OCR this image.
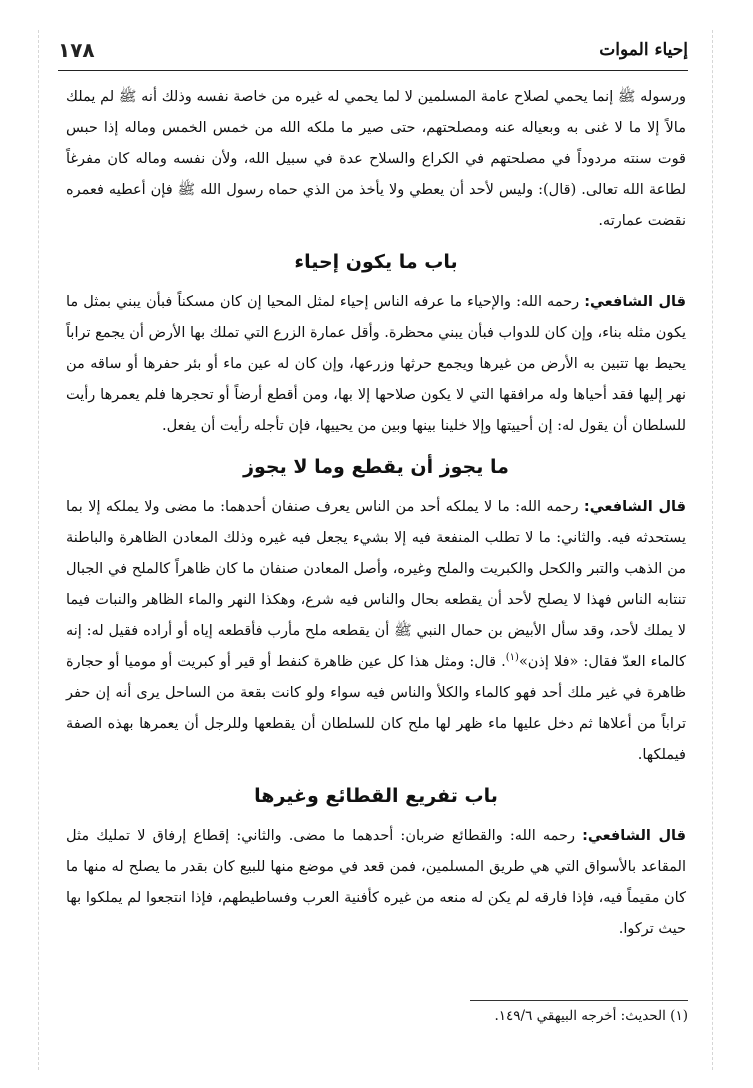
إحياء الموات
١٧٨

ورسوله ﷺ إنما يحمي لصلاح عامة المسلمين لا لما يحمي له غيره من خاصة نفسه وذلك أنه ﷺ لم يملك مالاً إلا ما لا غنى به وبعياله عنه ومصلحتهم، حتى صير ما ملكه الله من خمس الخمس وماله إذا حبس قوت سنته مردوداً في مصلحتهم في الكراع والسلاح عدة في سبيل الله، ولأن نفسه وماله كان مفرغاً لطاعة الله تعالى. (قال): وليس لأحد أن يعطي ولا يأخذ من الذي حماه رسول الله ﷺ فإن أعطيه فعمره نقضت عمارته.

باب ما يكون إحياء

قال الشافعي: رحمه الله: والإحياء ما عرفه الناس إحياء لمثل المحيا إن كان مسكناً فبأن يبني بمثل ما يكون مثله بناء، وإن كان للدواب فبأن يبني محظرة. وأقل عمارة الزرع التي تملك بها الأرض أن يجمع تراباً يحيط بها تتبين به الأرض من غيرها ويجمع حرثها وزرعها، وإن كان له عين ماء أو بئر حفرها أو ساقه من نهر إليها فقد أحياها وله مرافقها التي لا يكون صلاحها إلا بها، ومن أقطع أرضاً أو تحجرها فلم يعمرها رأيت للسلطان أن يقول له: إن أحييتها وإلا خلينا بينها وبين من يحييها، فإن تأجله رأيت أن يفعل.

ما يجوز أن يقطع وما لا يجوز

قال الشافعي: رحمه الله: ما لا يملكه أحد من الناس يعرف صنفان أحدهما: ما مضى ولا يملكه إلا بما يستحدثه فيه. والثاني: ما لا تطلب المنفعة فيه إلا بشيء يجعل فيه غيره وذلك المعادن الظاهرة والباطنة من الذهب والتبر والكحل والكبريت والملح وغيره، وأصل المعادن صنفان ما كان ظاهراً كالملح في الجبال تنتابه الناس فهذا لا يصلح لأحد أن يقطعه بحال والناس فيه شرع، وهكذا النهر والماء الظاهر والنبات فيما لا يملك لأحد، وقد سأل الأبيض بن حمال النبي ﷺ أن يقطعه ملح مأرب فأقطعه إياه أو أراده فقيل له: إنه كالماء العدّ فقال: «فلا إذن»$^{(١)}$. قال: ومثل هذا كل عين ظاهرة كنفط أو قير أو كبريت أو موميا أو حجارة ظاهرة في غير ملك أحد فهو كالماء والكلأ والناس فيه سواء ولو كانت بقعة من الساحل يرى أنه إن حفر تراباً من أعلاها ثم دخل عليها ماء ظهر لها ملح كان للسلطان أن يقطعها وللرجل أن يعمرها بهذه الصفة فيملكها.

باب تفريع القطائع وغيرها

قال الشافعي: رحمه الله: والقطائع ضربان: أحدهما ما مضى. والثاني: إقطاع إرفاق لا تمليك مثل المقاعد بالأسواق التي هي طريق المسلمين، فمن قعد في موضع منها للبيع كان بقدر ما يصلح له منها ما كان مقيماً فيه، فإذا فارقه لم يكن له منعه من غيره كأفنية العرب وفساطيطهم، فإذا انتجعوا لم يملكوا بها حيث تركوا.

(١) الحديث: أخرجه البيهقي ١٤٩/٦.
